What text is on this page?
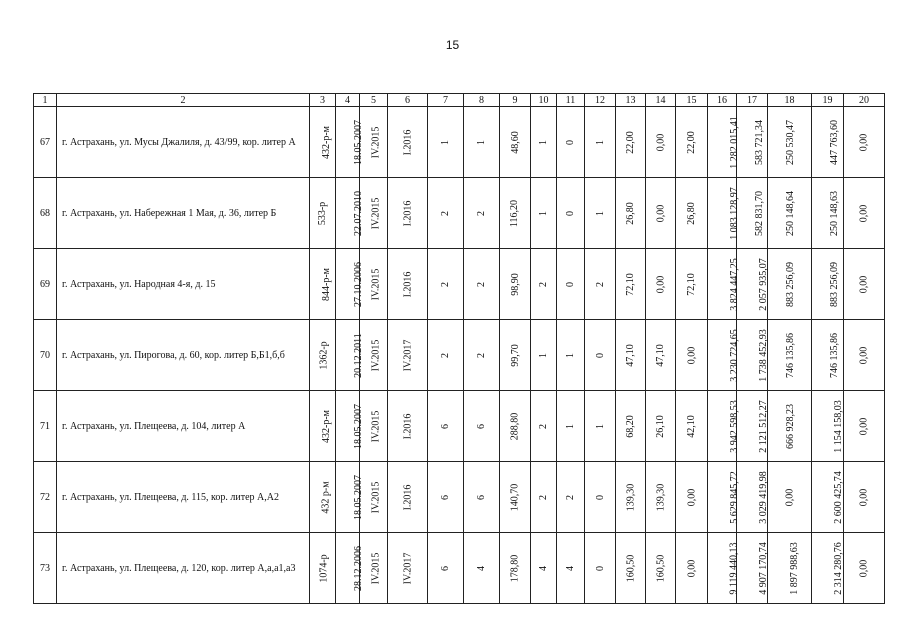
15
1	2	3	4	5	6	7	8	9	10	11	12	13	14	15	16	17	18	19	20
67	г. Астрахань, ул. Мусы Джалиля, д. 43/99, кор. литер А	432-р-м	18.05.2007	IV.2015	I.2016	1	1	48,60	1	0	1	22,00	0,00	22,00	1 282 015,41	583 721,34	250 530,47	447 763,60	0,00
68	г. Астрахань, ул. Набережная 1 Мая, д. 36, литер Б	533-р	22.07.2010	IV.2015	I.2016	2	2	116,20	1	0	1	26,80	0,00	26,80	1 083 128,97	582 831,70	250 148,64	250 148,63	0,00
69	г. Астрахань, ул. Народная 4-я, д. 15	844-р-м	27.10.2006	IV.2015	I.2016	2	2	98,90	2	0	2	72,10	0,00	72,10	3 824 447,25	2 057 935,07	883 256,09	883 256,09	0,00
70	г. Астрахань, ул. Пирогова, д. 60, кор. литер Б,Б1,б,б	1362-р	20.12.2011	IV.2015	IV.2017	2	2	99,70	1	1	0	47,10	47,10	0,00	3 230 724,65	1 738 452,93	746 135,86	746 135,86	0,00
71	г. Астрахань, ул. Плещеева, д. 104, литер А	432-р-м	18.05.2007	IV.2015	I.2016	6	6	288,80	2	1	1	68,20	26,10	42,10	3 942 598,53	2 121 512,27	666 928,23	1 154 158,03	0,00
72	г. Астрахань, ул. Плещеева, д. 115, кор. литер А,А2	432 р-м	18.05.2007	IV.2015	I.2016	6	6	140,70	2	2	0	139,30	139,30	0,00	5 629 845,72	3 029 419,98	0,00	2 600 425,74	0,00
73	г. Астрахань, ул. Плещеева, д. 120, кор. литер А,а,а1,а3	1074-р	28.12.2006	IV.2015	IV.2017	6	4	178,80	4	4	0	160,50	160,50	0,00	9 119 440,13	4 907 170,74	1 897 988,63	2 314 280,76	0,00
